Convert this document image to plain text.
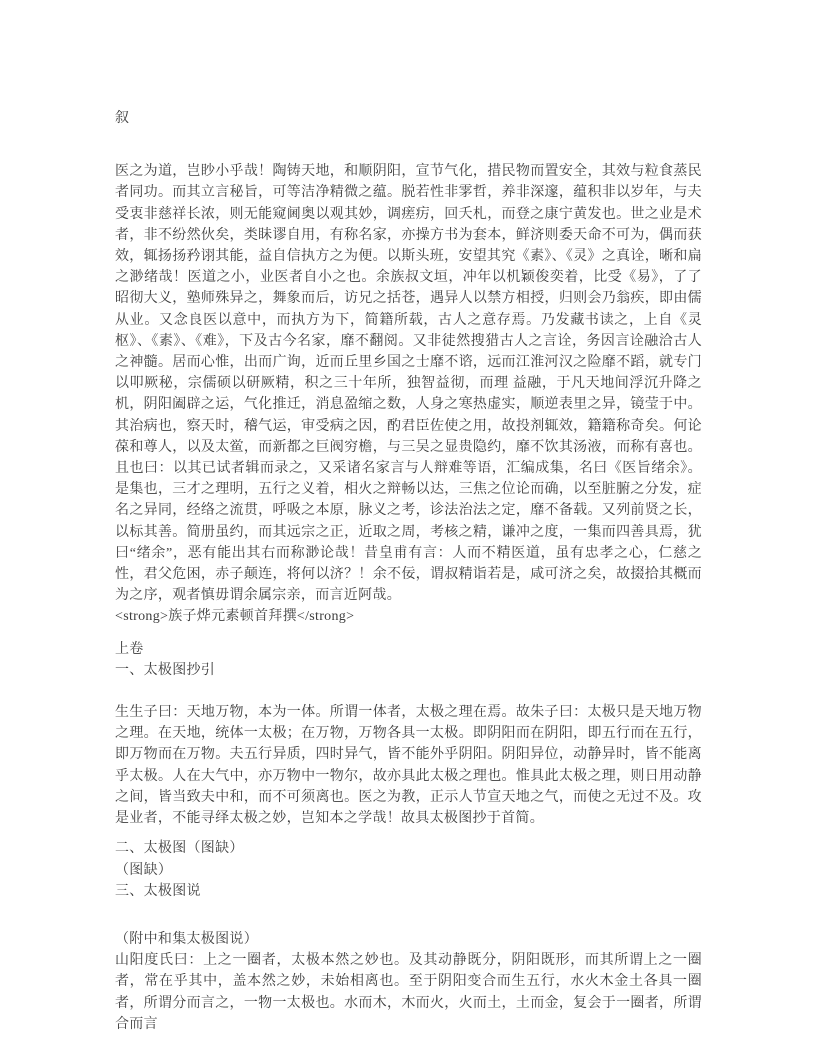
叙

医之为道，岂眇小乎哉！陶铸天地，和顺阴阳，宣节气化，措民物而置安全，其效与粒食蒸民者同功。而其立言秘旨，可等洁净精微之蕴。脱若性非雺哲，养非深邃，蕴积非以岁年，与夫受衷非慈祥长浓，则无能窥阃奥以观其妙，调瘥疠，回夭札，而登之康宁黄发也。世之业是术者，非不纷然伙矣，类眛谬自用，有称名家，亦操方书为套本，鲜济则委天命不可为，偶而获效，辄扬扬矜诩其能，益自信执方之为便。以斯头班，安望其究《素》、《灵》之真诠，晰和扁之渺绪哉！医道之小，业医者自小之也。余族叔文垣，冲年以机颖俊奕着，比受《易》，了了昭彻大义，塾师殊异之，舞象而后，访兄之括苍，遇异人以禁方相授，归则会乃翁疾，即由儒从业。又念良医以意中，而执方为下，简籍所载，古人之意存焉。乃发藏书读之，上自《灵枢》、《素》、《难》，下及古今名家，靡不翻阅。又非徒然搜猎古人之言诠，务因言诠融洽古人之神髓。居而心惟，出而广询，近而丘里乡国之士靡不谘，远而江淮河汉之险靡不蹈，就专门以叩厥秘，宗儒硕以研厥精，积之三十年所，独智益彻，而理 益融，于凡天地间浮沉升降之机，阴阳阖辟之运，气化推迁，消息盈缩之数，人身之寒热虚实，顺逆表里之异，镜莹于中。其治病也，察天时，稽气运，审受病之因，酌君臣佐使之用，故投剂辄效，籍籍称奇矣。何论葆和尊人，以及太鲎，而新都之巨阀穷檐，与三吴之显贵隐约，靡不饮其汤液，而称有喜也。且也曰：以其已试者辑而录之，又采诸名家言与人辩难等语，汇编成集，名曰《医旨绪余》。是集也，三才之理明，五行之义着，相火之辩畅以达，三焦之位论而确，以至脏腑之分发，症名之异同，经络之流贯，呼吸之本原，脉义之考，诊法治法之定，靡不备载。又列前贤之长，以标其善。简册虽约，而其远宗之正，近取之周，考核之精，谦冲之度，一集而四善具焉，犹曰“绪余”，恶有能出其右而称渺论哉！昔皇甫有言：人而不精医道，虽有忠孝之心，仁慈之性，君父危困，赤子颠连，将何以济？！余不佞，谓叔精诣若是，咸可济之矣，故掇拾其概而为之序，观者慎毋谓余属宗亲，而言近阿哉。

<strong>族子烨元素顿首拜撰</strong>
上卷
一、太极图抄引

生生子曰：天地万物，本为一体。所谓一体者，太极之理在焉。故朱子曰：太极只是天地万物之理。在天地，统体一太极；在万物，万物各具一太极。即阴阳而在阴阳，即五行而在五行，即万物而在万物。夫五行异质，四时异气，皆不能外乎阴阳。阴阳异位，动静异时，皆不能离乎太极。人在大气中，亦万物中一物尔，故亦具此太极之理也。惟具此太极之理，则日用动静之间，皆当致夫中和，而不可须离也。医之为教，正示人节宣天地之气，而使之无过不及。攻是业者，不能寻绎太极之妙，岂知本之学哉！故具太极图抄于首简。

二、太极图（图缺）
（图缺）
三、太极图说
（附中和集太极图说）

山阳度氏曰：上之一圈者，太极本然之妙也。及其动静既分，阴阳既形，而其所谓上之一圈者，常在乎其中，盖本然之妙，未始相离也。至于阴阳变合而生五行，水火木金土各具一圈者，所谓分而言之，一物一太极也。水而木，木而火，火而土，土而金，复会于一圈者，所谓合而言
